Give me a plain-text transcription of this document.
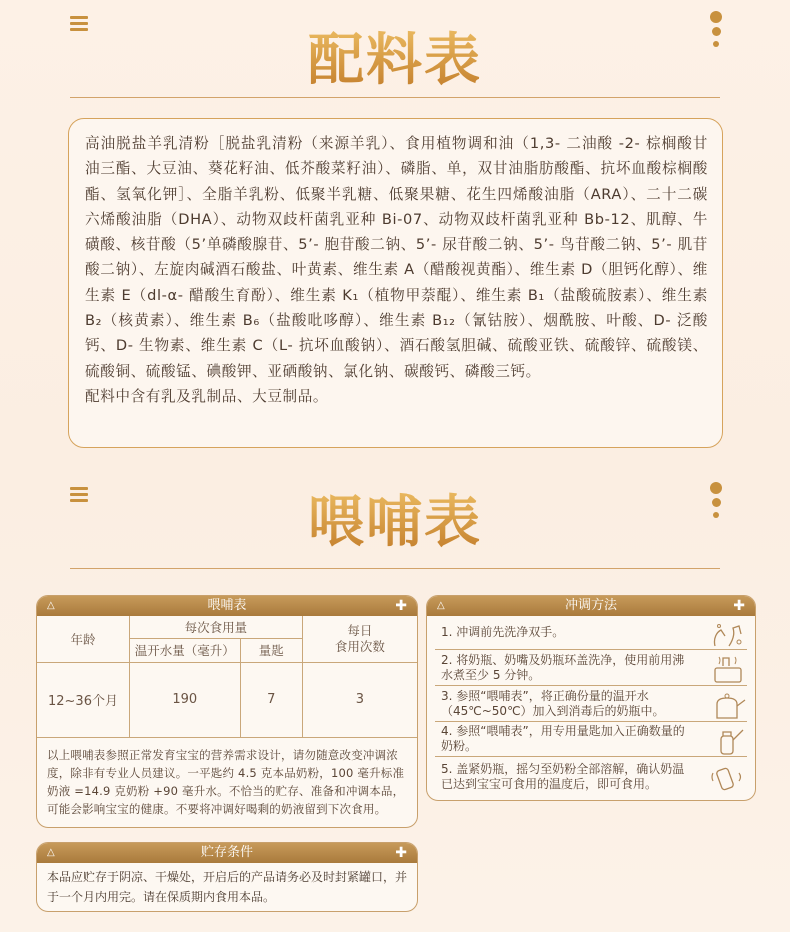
配料表

高油脱盐羊乳清粉［脱盐乳清粉（来源羊乳）、食用植物调和油（1,3- 二油酸 -2- 棕榈酸甘油三酯、大豆油、葵花籽油、低芥酸菜籽油）、磷脂、单，双甘油脂肪酸酯、抗坏血酸棕榈酸酯、氢氧化钾］、全脂羊乳粉、低聚半乳糖、低聚果糖、花生四烯酸油脂（ARA）、二十二碳六烯酸油脂（DHA）、动物双歧杆菌乳亚种 Bi-07、动物双歧杆菌乳亚种 Bb-12、肌醇、牛磺酸、核苷酸（5’单磷酸腺苷、5’- 胞苷酸二钠、5’- 尿苷酸二钠、5’- 鸟苷酸二钠、5’- 肌苷酸二钠）、左旋肉碱酒石酸盐、叶黄素、维生素 A（醋酸视黄酯）、维生素 D（胆钙化醇）、维生素 E（dl-α- 醋酸生育酚）、维生素 K₁（植物甲萘醌）、维生素 B₁（盐酸硫胺素）、维生素 B₂（核黄素）、维生素 B₆（盐酸吡哆醇）、维生素 B₁₂（氰钴胺）、烟酰胺、叶酸、D- 泛酸钙、D- 生物素、维生素 C（L- 抗坏血酸钠）、酒石酸氢胆碱、硫酸亚铁、硫酸锌、硫酸镁、硫酸铜、硫酸锰、碘酸钾、亚硒酸钠、氯化钠、碳酸钙、磷酸三钙。

配料中含有乳及乳制品、大豆制品。

喂哺表
△	喂哺表	✚
年龄	每次食用量		每日
食用次数
	温开水量（毫升）	量匙	
12~36个月	190	7	3
以上喂哺表参照正常发育宝宝的营养需求设计，请勿随意改变冲调浓度，除非有专业人员建议。一平匙约 4.5 克本品奶粉，100 毫升标准奶液 =14.9 克奶粉 +90 毫升水。不恰当的贮存、准备和冲调本品，可能会影响宝宝的健康。不要将冲调好喝剩的奶液留到下次食用。
△	冲调方法	✚
1. 冲调前先洗净双手。
2. 将奶瓶、奶嘴及奶瓶环盖洗净，使用前用沸水煮至少 5 分钟。
3. 参照“喂哺表”，将正确份量的温开水（45℃~50℃）加入到消毒后的奶瓶中。
4. 参照“喂哺表”，用专用量匙加入正确数量的奶粉。
5. 盖紧奶瓶，摇匀至奶粉全部溶解，确认奶温已达到宝宝可食用的温度后，即可食用。
△	贮存条件	✚
本品应贮存于阴凉、干燥处，开启后的产品请务必及时封紧罐口，并于一个月内用完。请在保质期内食用本品。
